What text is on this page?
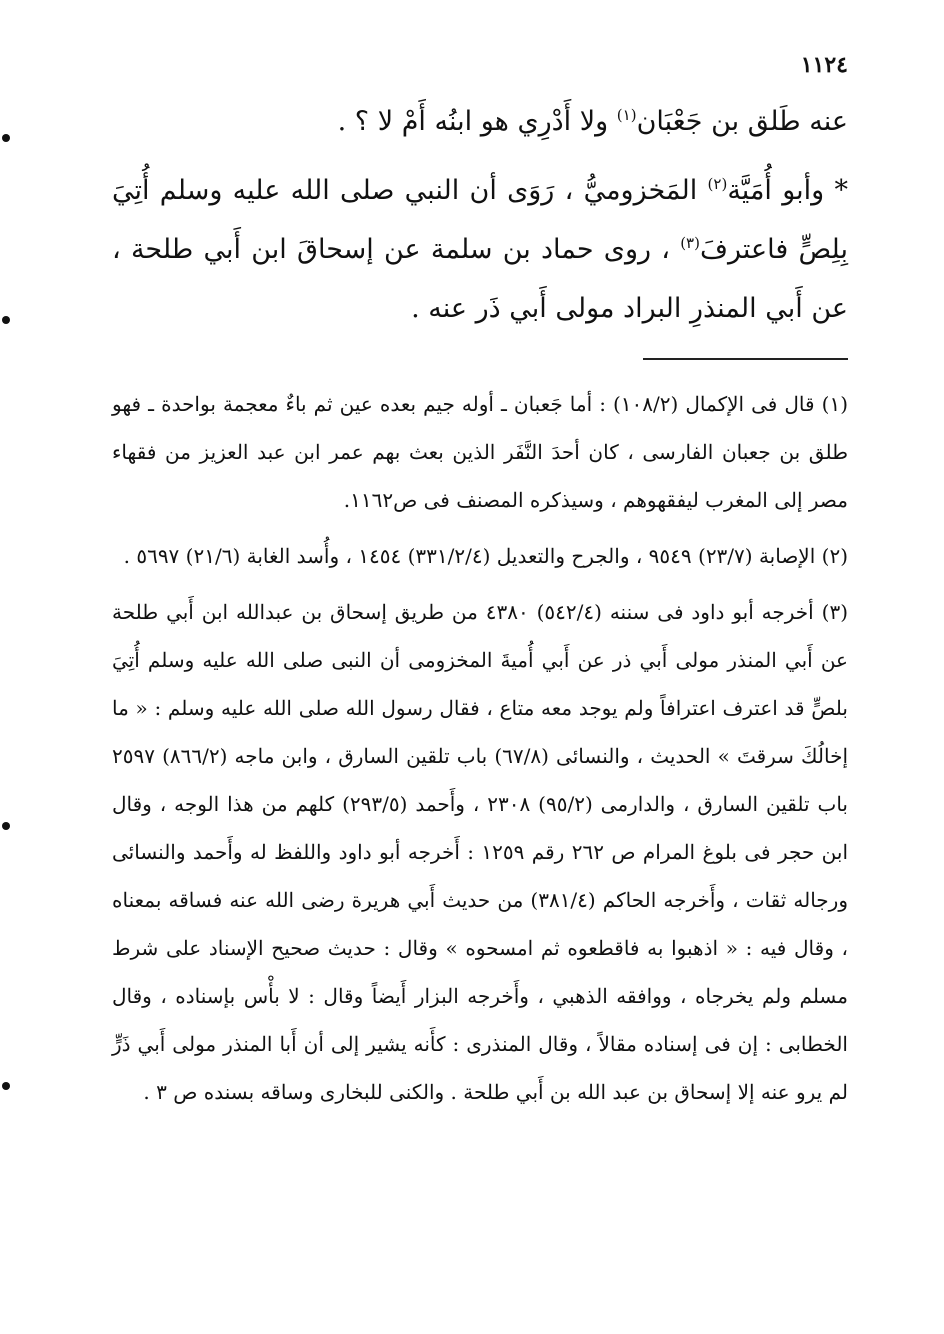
١١٢٤

عنه طَلق بن جَعْبَان$^{(١)}$ ولا أَدْرِي هو ابنُه أَمْ لا ؟ .

* وأبو أُمَيَّة$^{(٢)}$ المَخزوميُّ ، رَوَى أن النبي صلى الله عليه وسلم أُتِيَ بِلِصٍّ فاعترفَ$^{(٣)}$ ، روى حماد بن سلمة عن إسحاقَ ابن أَبي طلحة ، عن أَبي المنذرِ البراد مولى أَبي ذَر عنه .

(١) قال فى الإكمال (١٠٨/٢) : أما جَعبان ـ أوله جيم بعده عين ثم باءٌ معجمة بواحدة ـ فهو طلق بن جعبان الفارسى ، كان أحدَ النَّفَر الذين بعث بهم عمر ابن عبد العزيز من فقهاء مصر إلى المغرب ليفقهوهم ، وسيذكره المصنف فى ص١١٦٢.

(٢) الإصابة (٢٣/٧) ٩٥٤٩ ، والجرح والتعديل (٣٣١/٢/٤) ١٤٥٤ ، وأُسد الغابة (٢١/٦) ٥٦٩٧ .

(٣) أخرجه أبو داود فى سننه (٥٤٢/٤) ٤٣٨٠ من طريق إسحاق بن عبدالله ابن أَبي طلحة عن أَبي المنذر مولى أَبي ذر عن أَبي أُميةَ المخزومى أن النبى صلى الله عليه وسلم أُتِيَ بلصٍّ قد اعترف اعترافاً ولم يوجد معه متاع ، فقال رسول الله صلى الله عليه وسلم : « ما إخالُكَ سرقتَ » الحديث ، والنسائى (٦٧/٨) باب تلقين السارق ، وابن ماجه (٨٦٦/٢) ٢٥٩٧ باب تلقين السارق ، والدارمى (٩٥/٢) ٢٣٠٨ ، وأَحمد (٢٩٣/٥) كلهم من هذا الوجه ، وقال ابن حجر فى بلوغ المرام ص ٢٦٢ رقم ١٢٥٩ : أَخرجه أبو داود واللفظ له وأَحمد والنسائى ورجاله ثقات ، وأَخرجه الحاكم (٣٨١/٤) من حديث أَبي هريرة رضى الله عنه فساقه بمعناه ، وقال فيه : « اذهبوا به فاقطعوه ثم امسحوه » وقال : حديث صحيح الإسناد على شرط مسلم ولم يخرجاه ، ووافقه الذهبي ، وأَخرجه البزار أَيضاً وقال : لا بأْس بإسناده ، وقال الخطابى : إن فى إسناده مقالاً ، وقال المنذرى : كأَنه يشير إلى أن أَبا المنذر مولى أَبي ذَرٍّ لم يرو عنه إلا إسحاق بن عبد الله بن أَبي طلحة . والكنى للبخارى وساقه بسنده ص ٣ .
